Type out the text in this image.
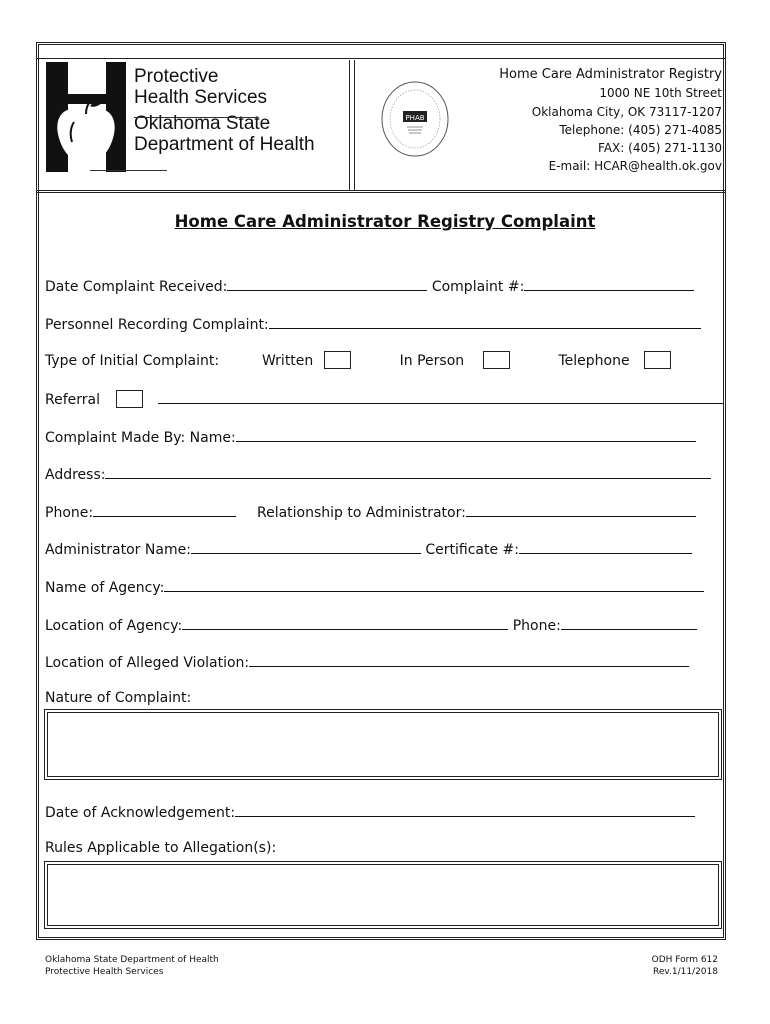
Protective
Health Services
Oklahoma State
Department of Health
PHAB
Home Care Administrator Registry
1000 NE 10th Street
Oklahoma City, OK 73117-1207
Telephone: (405) 271-4085
FAX: (405) 271-1130
E-mail: HCAR@health.ok.gov
Home Care Administrator Registry Complaint
Date Complaint Received:	Complaint #:
Personnel Recording Complaint:
Type of Initial Complaint:	Written	In Person	Telephone
Referral
Complaint Made By: Name:
Address:
Phone:	Relationship to Administrator:
Administrator Name:	Certificate #:
Name of Agency:
Location of Agency:	Phone:
Location of Alleged Violation:
Nature of Complaint:
Date of Acknowledgement:
Rules Applicable to Allegation(s):
Oklahoma State Department of Health
Protective Health Services
ODH Form 612
Rev.1/11/2018
